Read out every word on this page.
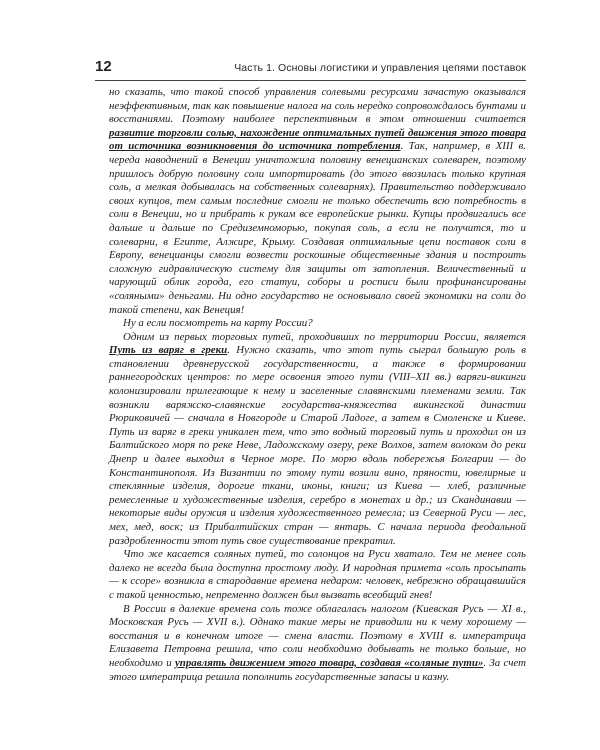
12	Часть 1. Основы логистики и управления цепями поставок

но сказать, что такой способ управления солевыми ресурсами зачастую оказывался неэффективным, так как повышение налога на соль нередко сопровождалось бунтами и восстаниями. Поэтому наиболее перспективным в этом отношении считается развитие торговли солью, нахождение оптимальных путей движения этого товара от источника возникновения до источника потребления. Так, например, в XIII в. череда наводнений в Венеции уничтожила половину венецианских солеварен, поэтому пришлось добрую половину соли импортировать (до этого ввозилась только крупная соль, а мелкая добывалась на собственных солеварнях). Правительство поддерживало своих купцов, тем самым последние смогли не только обеспечить всю потребность в соли в Венеции, но и прибрать к рукам все европейские рынки. Купцы продвигались все дальше и дальше по Средиземноморью, покупая соль, а если не получится, то и солеварни, в Египте, Алжире, Крыму. Создавая оптимальные цепи поставок соли в Европу, венецианцы смогли возвести роскошные общественные здания и построить сложную гидравлическую систему для защиты от затопления. Величественный и чарующий облик города, его статуи, соборы и росписи были профинансированы «соляными» деньгами. Ни одно государство не основывало своей экономики на соли до такой степени, как Венеция!

Ну а если посмотреть на карту России?

Одним из первых торговых путей, проходивших по территории России, является Путь из варяг в греки. Нужно сказать, что этот путь сыграл большую роль в становлении древнерусской государственности, а также в формировании раннегородских центров: по мере освоения этого пути (VIII–XII вв.) варяги-викинги колонизировали прилегающие к нему и заселенные славянскими племенами земли. Так возникли варяжско-славянские государства-княжества викингской династии Рюриковичей — сначала в Новгороде и Старой Ладоге, а затем в Смоленске и Киеве. Путь из варяг в греки уникален тем, что это водный торговый путь и проходил он из Балтийского моря по реке Неве, Ладожскому озеру, реке Волхов, затем волоком до реки Днепр и далее выходил в Черное море. По морю вдоль побережья Болгарии — до Константинополя. Из Византии по этому пути возили вино, пряности, ювелирные и стеклянные изделия, дорогие ткани, иконы, книги; из Киева — хлеб, различные ремесленные и художественные изделия, серебро в монетах и др.; из Скандинавии — некоторые виды оружия и изделия художественного ремесла; из Северной Руси — лес, мех, мед, воск; из Прибалтийских стран — янтарь. С начала периода феодальной раздробленности этот путь свое существование прекратил.

Что же касается соляных путей, то солонцов на Руси хватало. Тем не менее соль далеко не всегда была доступна простому люду. И народная примета «соль просыпать — к ссоре» возникла в стародавние времена недаром: человек, небрежно обращавшийся с такой ценностью, непременно должен был вызвать всеобщий гнев!

В России в далекие времена соль тоже облагалась налогом (Киевская Русь — XI в., Московская Русь — XVII в.). Однако такие меры не приводили ни к чему хорошему — восстания и в конечном итоге — смена власти. Поэтому в XVIII в. императрица Елизавета Петровна решила, что соли необходимо добывать не только больше, но необходимо и управлять движением этого товара, создавая «соляные пути». За счет этого императрица решила пополнить государственные запасы и казну.
